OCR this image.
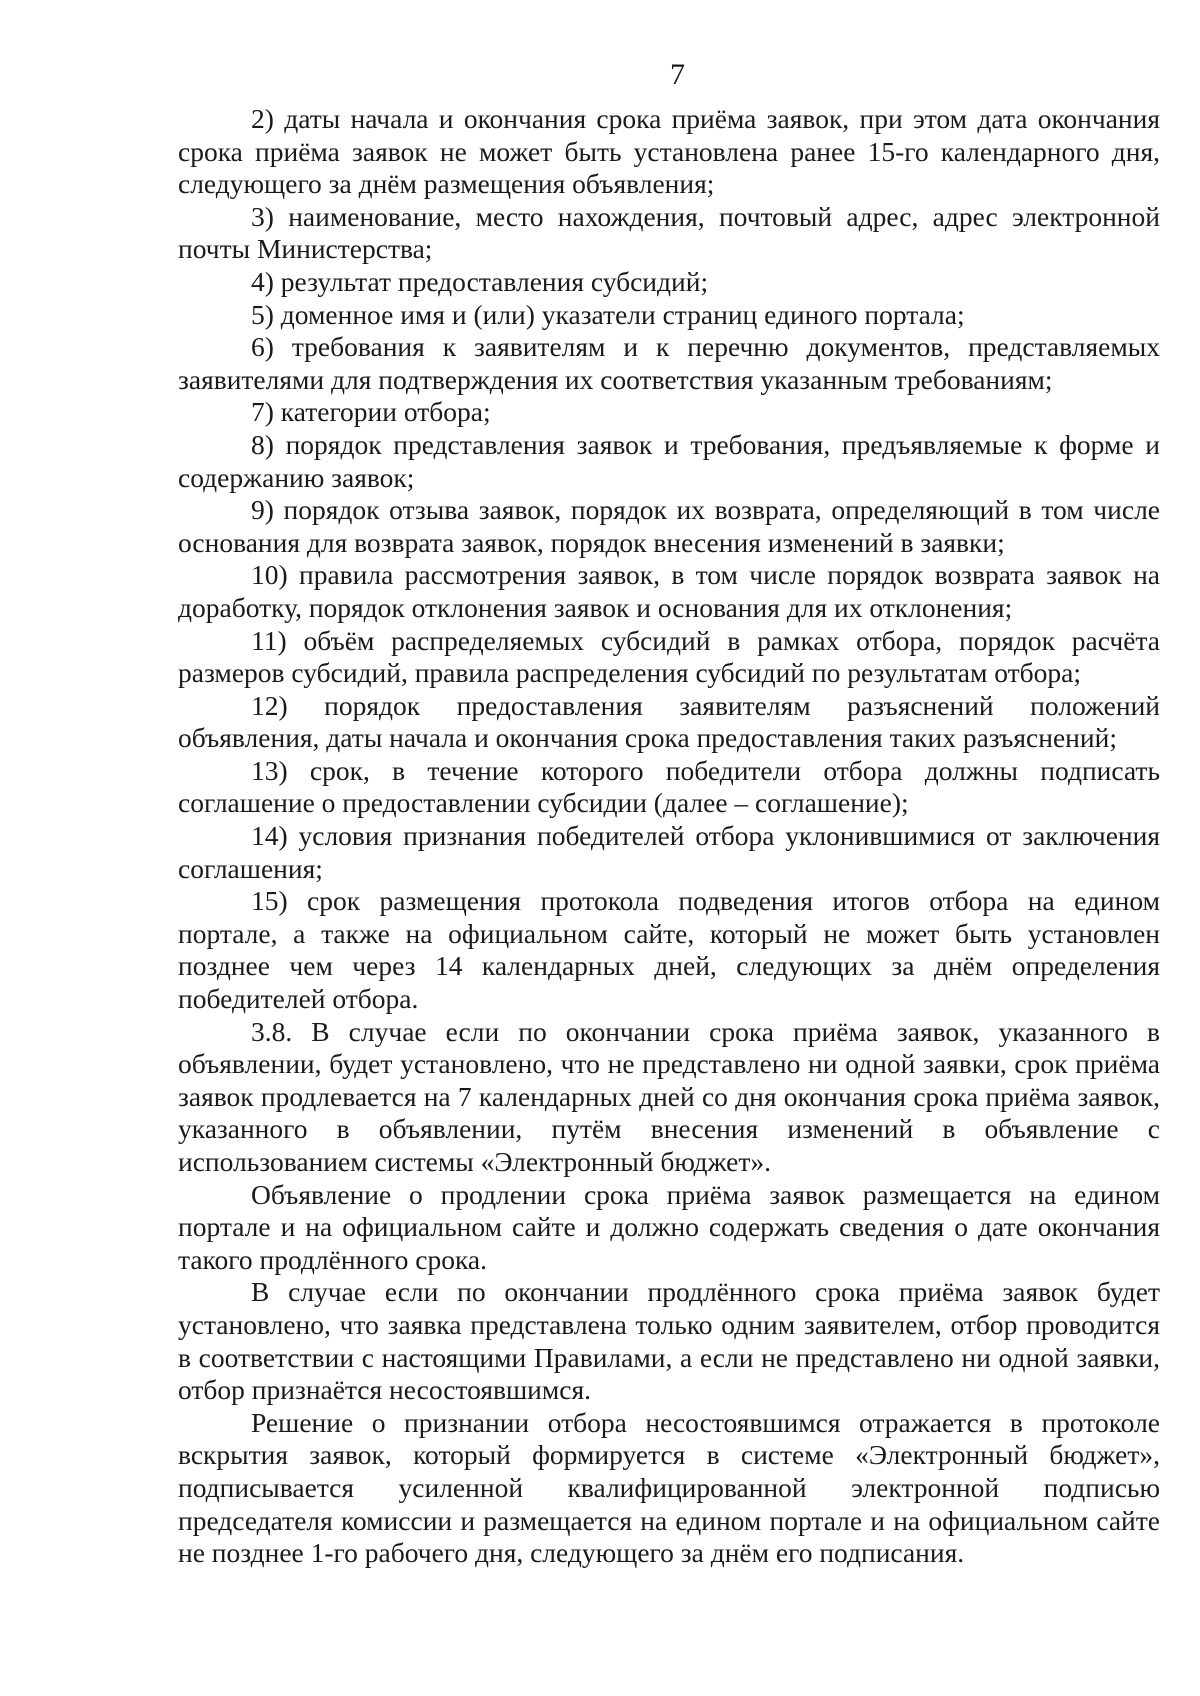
7

2) даты начала и окончания срока приёма заявок, при этом дата окончания срока приёма заявок не может быть установлена ранее 15-го календарного дня, следующего за днём размещения объявления;

3) наименование, место нахождения, почтовый адрес, адрес электронной почты Министерства;

4) результат предоставления субсидий;

5) доменное имя и (или) указатели страниц единого портала;

6) требования к заявителям и к перечню документов, представляемых заявителями для подтверждения их соответствия указанным требованиям;

7) категории отбора;

8) порядок представления заявок и требования, предъявляемые к форме и содержанию заявок;

9) порядок отзыва заявок, порядок их возврата, определяющий в том числе основания для возврата заявок, порядок внесения изменений в заявки;

10) правила рассмотрения заявок, в том числе порядок возврата заявок на доработку, порядок отклонения заявок и основания для их отклонения;

11) объём распределяемых субсидий в рамках отбора, порядок расчёта размеров субсидий, правила распределения субсидий по результатам отбора;

12) порядок предоставления заявителям разъяснений положений объявления, даты начала и окончания срока предоставления таких разъяснений;

13) срок, в течение которого победители отбора должны подписать соглашение о предоставлении субсидии (далее – соглашение);

14) условия признания победителей отбора уклонившимися от заключения соглашения;

15) срок размещения протокола подведения итогов отбора на едином портале, а также на официальном сайте, который не может быть установлен позднее чем через 14 календарных дней, следующих за днём определения победителей отбора.

3.8. В случае если по окончании срока приёма заявок, указанного в объявлении, будет установлено, что не представлено ни одной заявки, срок приёма заявок продлевается на 7 календарных дней со дня окончания срока приёма заявок, указанного в объявлении, путём внесения изменений в объявление с использованием системы «Электронный бюджет».

Объявление о продлении срока приёма заявок размещается на едином портале и на официальном сайте и должно содержать сведения о дате окончания такого продлённого срока.

В случае если по окончании продлённого срока приёма заявок будет установлено, что заявка представлена только одним заявителем, отбор проводится в соответствии с настоящими Правилами, а если не представлено ни одной заявки, отбор признаётся несостоявшимся.

Решение о признании отбора несостоявшимся отражается в протоколе вскрытия заявок, который формируется в системе «Электронный бюджет», подписывается усиленной квалифицированной электронной подписью председателя комиссии и размещается на едином портале и на официальном сайте не позднее 1-го рабочего дня, следующего за днём его подписания.
